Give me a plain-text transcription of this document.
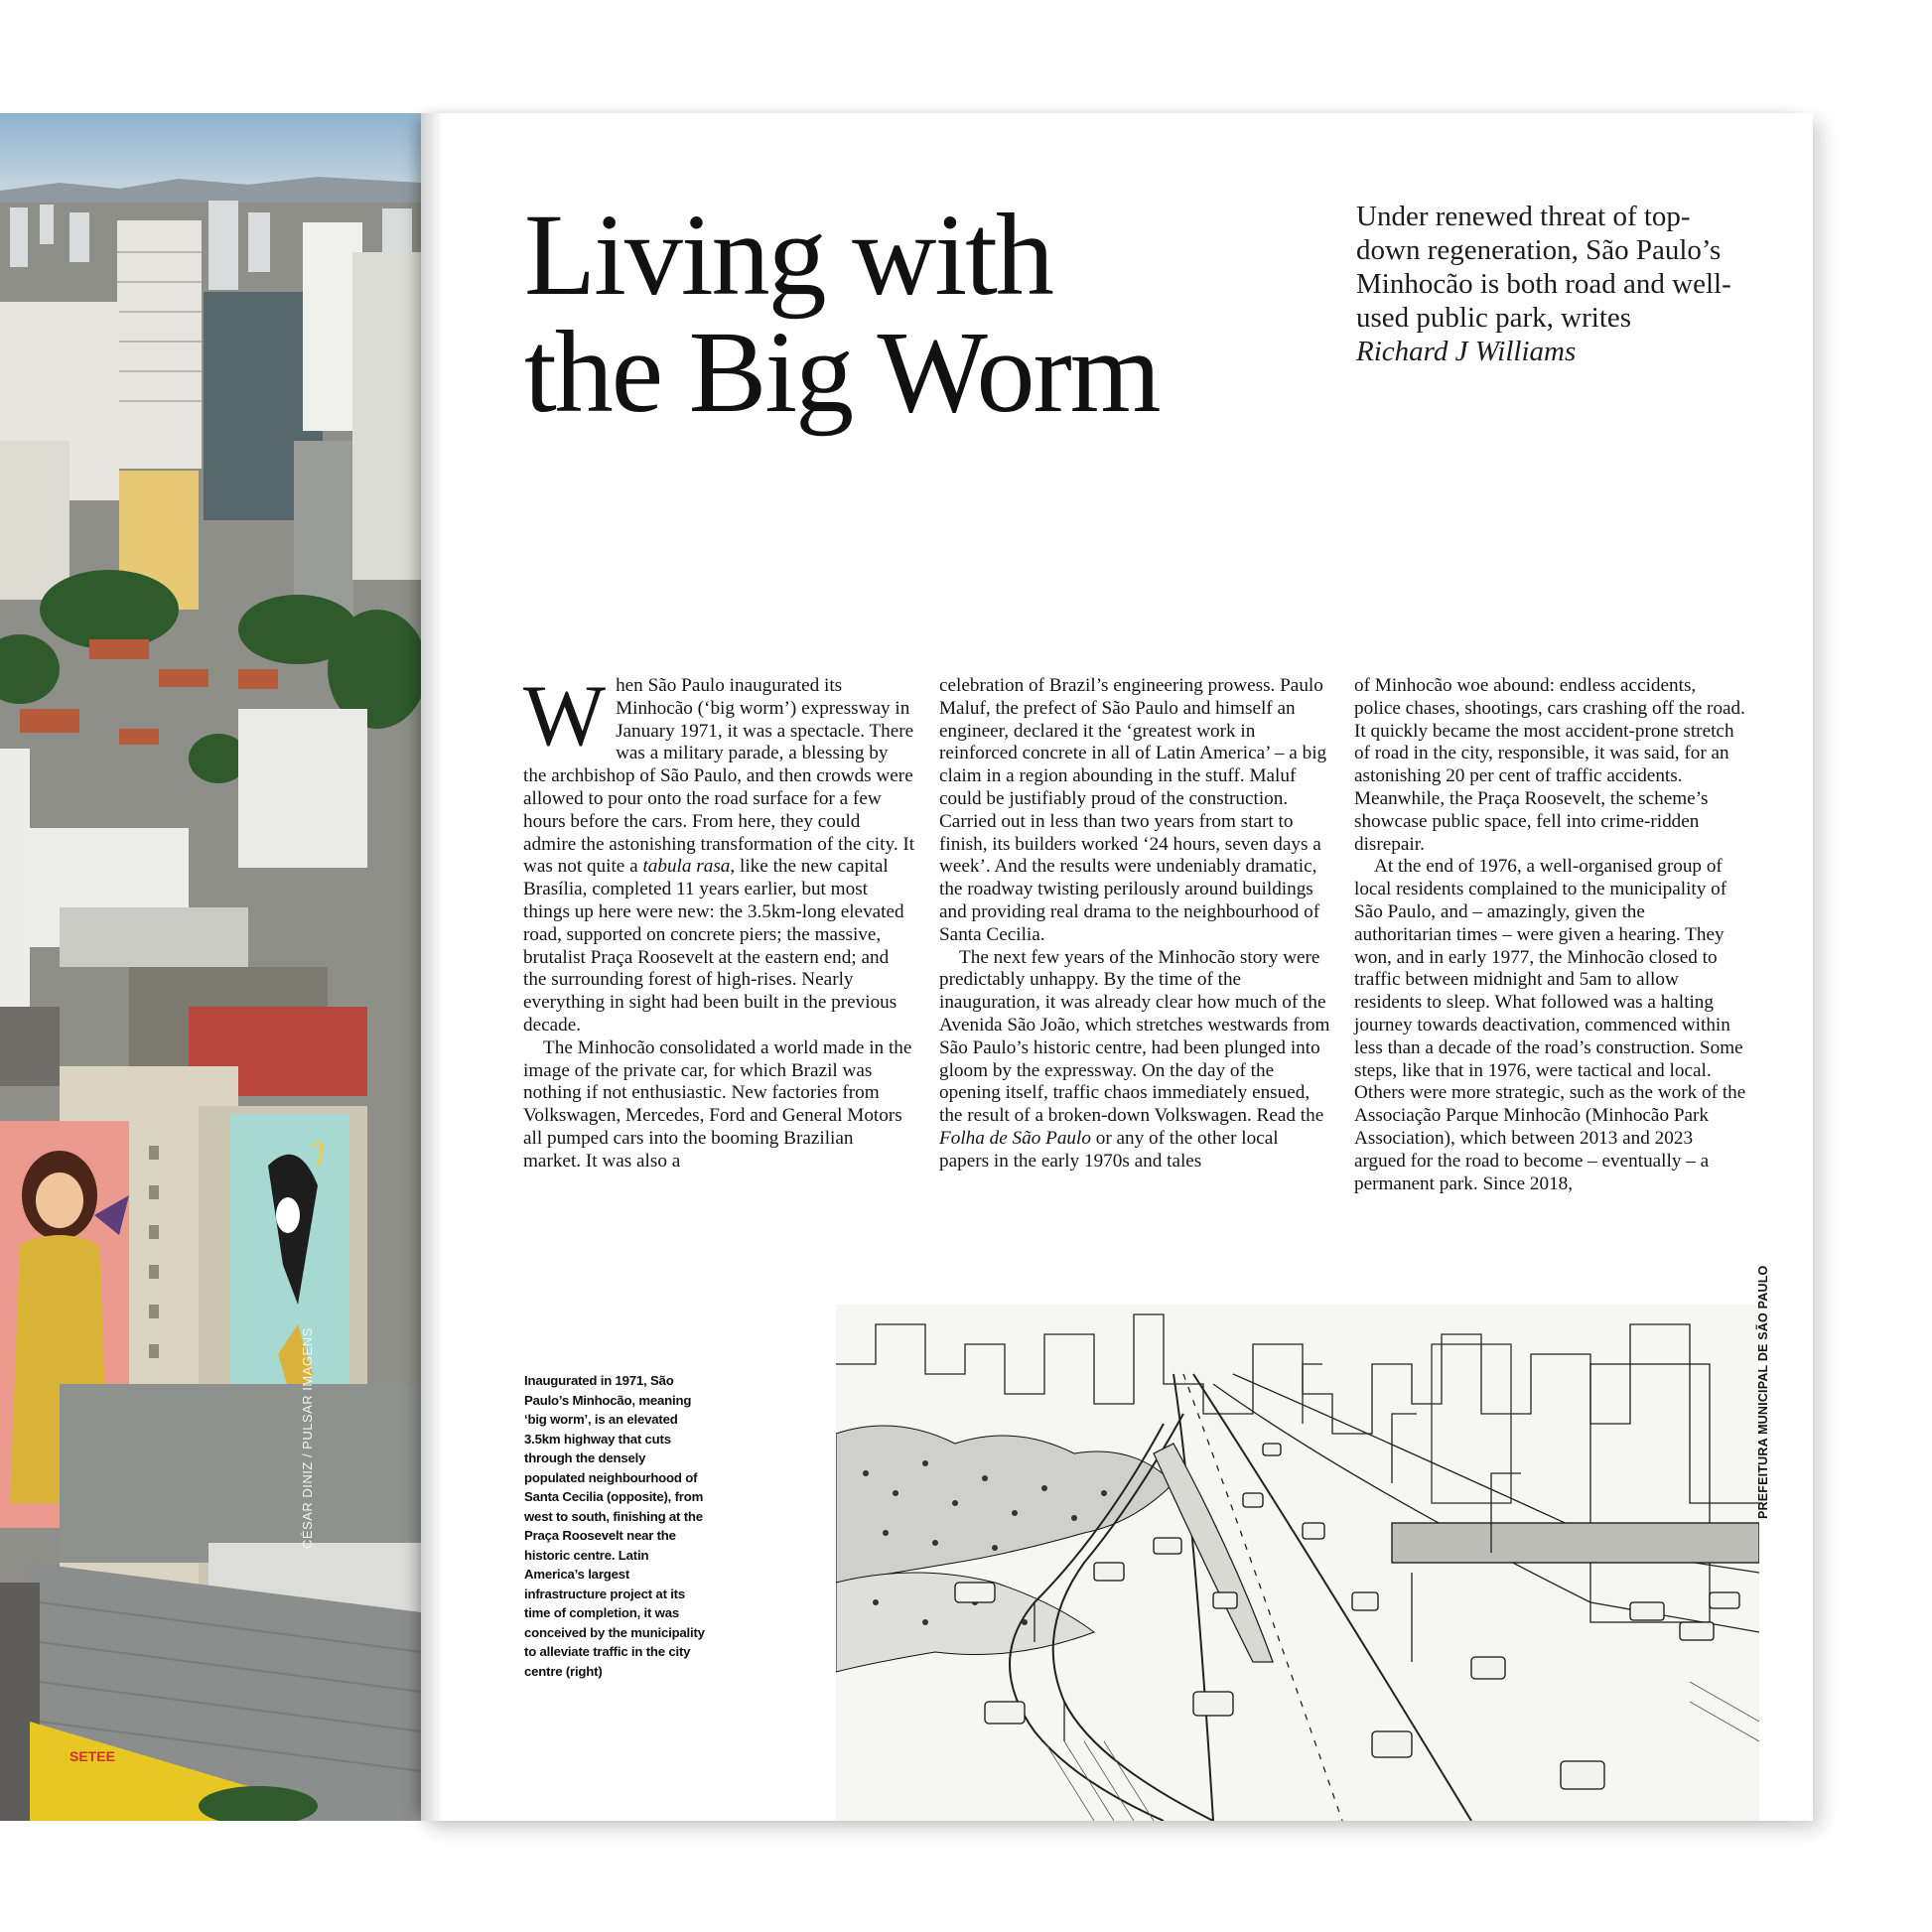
SETEE
CÉSAR DINIZ / PULSAR IMAGENS
Living with
the Big Worm
Under renewed threat of top-down regeneration, São Paulo’s Minhocão is both road and well-used public park, writes
Richard J Williams

When São Paulo inaugurated its Minhocão (‘big worm’) expressway in January 1971, it was a spectacle. There was a military parade, a blessing by the archbishop of São Paulo, and then crowds were allowed to pour onto the road surface for a few hours before the cars. From here, they could admire the astonishing transformation of the city. It was not quite a tabula rasa, like the new capital Brasília, completed 11 years earlier, but most things up here were new: the 3.5km-long elevated road, supported on concrete piers; the massive, brutalist Praça Roosevelt at the eastern end; and the surrounding forest of high-rises. Nearly everything in sight had been built in the previous decade.

The Minhocão consolidated a world made in the image of the private car, for which Brazil was nothing if not enthusiastic. New factories from Volkswagen, Mercedes, Ford and General Motors all pumped cars into the booming Brazilian market. It was also a

celebration of Brazil’s engineering prowess. Paulo Maluf, the prefect of São Paulo and himself an engineer, declared it the ‘greatest work in reinforced concrete in all of Latin America’ – a big claim in a region abounding in the stuff. Maluf could be justifiably proud of the construction. Carried out in less than two years from start to finish, its builders worked ‘24 hours, seven days a week’. And the results were undeniably dramatic, the roadway twisting perilously around buildings and providing real drama to the neighbourhood of Santa Cecilia.

The next few years of the Minhocão story were predictably unhappy. By the time of the inauguration, it was already clear how much of the Avenida São João, which stretches westwards from São Paulo’s historic centre, had been plunged into gloom by the expressway. On the day of the opening itself, traffic chaos immediately ensued, the result of a broken-down Volkswagen. Read the Folha de São Paulo or any of the other local papers in the early 1970s and tales

of Minhocão woe abound: endless accidents, police chases, shootings, cars crashing off the road. It quickly became the most accident-prone stretch of road in the city, responsible, it was said, for an astonishing 20 per cent of traffic accidents. Meanwhile, the Praça Roosevelt, the scheme’s showcase public space, fell into crime-ridden disrepair.

At the end of 1976, a well-organised group of local residents complained to the municipality of São Paulo, and – amazingly, given the authoritarian times – were given a hearing. They won, and in early 1977, the Minhocão closed to traffic between midnight and 5am to allow residents to sleep. What followed was a halting journey towards deactivation, commenced within less than a decade of the road’s construction. Some steps, like that in 1976, were tactical and local. Others were more strategic, such as the work of the Associação Parque Minhocão (Minhocão Park Association), which between 2013 and 2023 argued for the road to become – eventually – a permanent park. Since 2018,

Inaugurated in 1971, São Paulo’s Minhocão, meaning ‘big worm’, is an elevated 3.5km highway that cuts through the densely populated neighbourhood of Santa Cecilia (opposite), from west to south, finishing at the Praça Roosevelt near the historic centre. Latin America’s largest infrastructure project at its time of completion, it was conceived by the municipality to alleviate traffic in the city centre (right)
PREFEITURA MUNICIPAL DE SÃO PAULO
